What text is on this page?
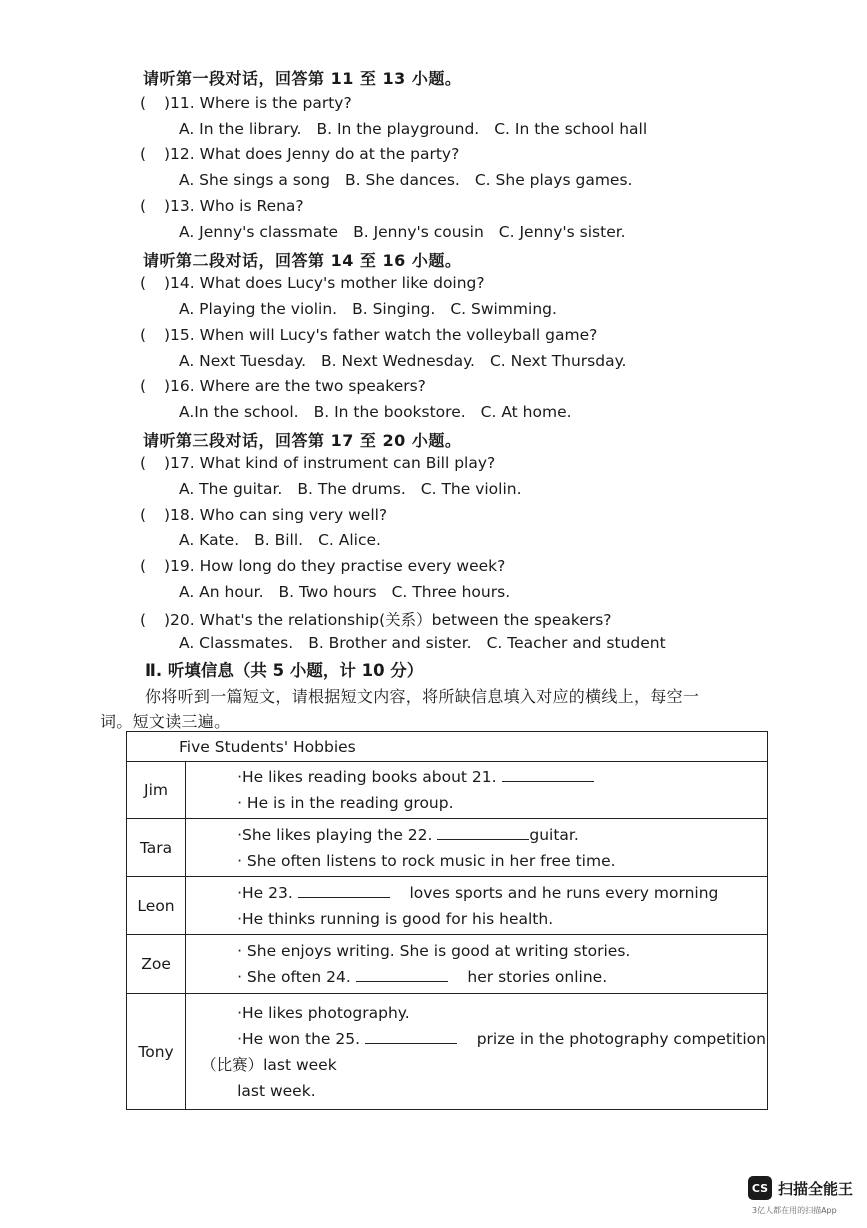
请听第一段对话，回答第 11 至 13 小题。
( )11. Where is the party?
A. In the library. B. In the playground. C. In the school hall
( )12. What does Jenny do at the party?
A. She sings a song B. She dances. C. She plays games.
( )13. Who is Rena?
A. Jenny's classmate B. Jenny's cousin C. Jenny's sister.
请听第二段对话，回答第 14 至 16 小题。
( )14. What does Lucy's mother like doing?
A. Playing the violin. B. Singing. C. Swimming.
( )15. When will Lucy's father watch the volleyball game?
A. Next Tuesday. B. Next Wednesday. C. Next Thursday.
( )16. Where are the two speakers?
A.In the school. B. In the bookstore. C. At home.
请听第三段对话，回答第 17 至 20 小题。
( )17. What kind of instrument can Bill play?
A. The guitar. B. The drums. C. The violin.
( )18. Who can sing very well?
A. Kate. B. Bill. C. Alice.
( )19. How long do they practise every week?
A. An hour. B. Two hours C. Three hours.
( )20. What's the relationship(关系）between the speakers?
A. Classmates. B. Brother and sister. C. Teacher and student
Ⅱ. 听填信息（共 5 小题，计 10 分）
你将听到一篇短文，请根据短文内容，将所缺信息填入对应的横线上，每空一
词。短文读三遍。
Five Students' Hobbies	
Jim	·He likes reading books about 21.
· He is in the reading group.

Tara	·She likes playing the 22. guitar.
· She often listens to rock music in her free time.

Leon	·He 23. loves sports and he runs every morning
·He thinks running is good for his health.

Zoe	· She enjoys writing. She is good at writing stories.
· She often 24. her stories online.

Tony	·He likes photography.
·He won the 25. prize in the photography competition
（比赛）last week
last week.
CS 扫描全能王
3亿人都在用的扫描App
